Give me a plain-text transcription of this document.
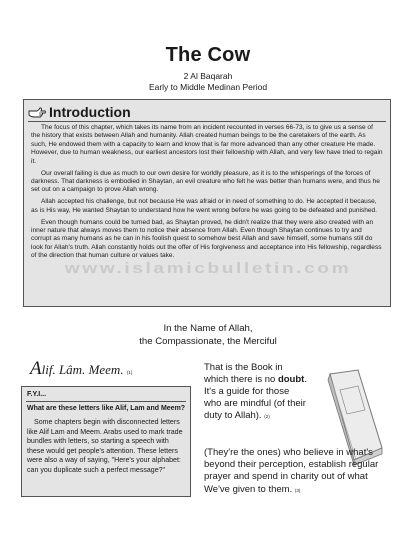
The Cow
2 Al Baqarah
Early to Middle Medinan Period
Introduction

The focus of this chapter, which takes its name from an incident recounted in verses 66-73, is to give us a sense of the history that exists between Allah and humanity. Allah created human beings to be the caretakers of the earth. As such, He endowed them with a capacity to learn and know that is far more advanced than any other creature He made. However, due to human weakness, our earliest ancestors lost their fellowship with Allah, and very few have tried to regain it.

Our overall failing is due as much to our own desire for worldly pleasure, as it is to the whisperings of the forces of darkness. That darkness is embodied in Shaytan, an evil creature who felt he was better than humans were, and thus he set out on a campaign to prove Allah wrong.

Allah accepted his challenge, but not because He was afraid or in need of something to do. He accepted it because, as is His way, He wanted Shaytan to understand how he went wrong before he was going to be defeated and punished.

Even though humans could be turned bad, as Shaytan proved, he didn't realize that they were also created with an inner nature that always moves them to notice their absence from Allah. Even though Shaytan continues to try and corrupt as many humans as he can in his foolish quest to somehow best Allah and save himself, some humans still do look for Allah's truth. Allah constantly holds out the offer of His forgiveness and acceptance into His fellowship, regardless of the direction that human culture or values take.

www.islamicbulletin.com
In the Name of Allah,
the Compassionate, the Merciful
Alif. Lâm. Meem. (1)
F.Y.I...
What are these letters like Alif, Lam and Meem?
Some chapters begin with disconnected letters like Alif Lam and Meem. Arabs used to mark trade bundles with letters, so starting a speech with these would get people's attention. These letters were also a way of saying, "Here's your alphabet: can you duplicate such a perfect message?"
That is the Book in which there is no doubt. It's a guide for those who are mindful (of their duty to Allah). (2)
(They're the ones) who believe in what's beyond their perception, establish regular prayer and spend in charity out of what We've given to them. (3)
